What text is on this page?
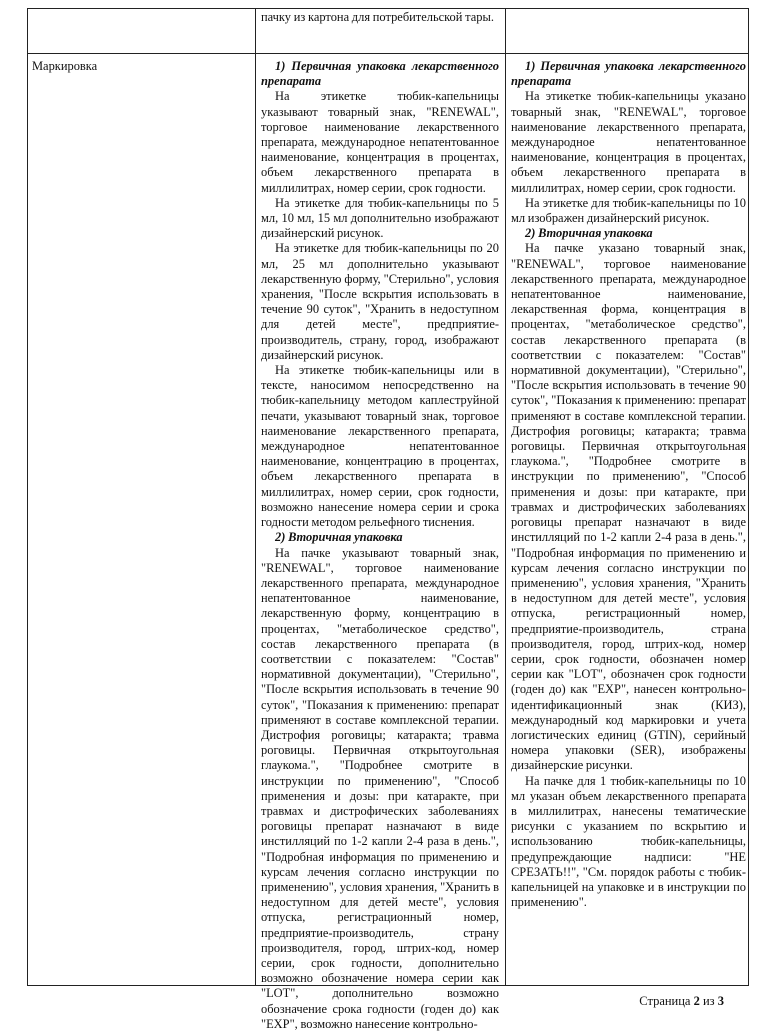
пачку из картона для потребительской тары.

Маркировка	1) Первичная упаковка лекарственного препарата

На этикетке тюбик-капельницы указывают товарный знак, "RENEWAL", торговое наименование лекарственного препарата, международное непатентованное наименование, концентрация в процентах, объем лекарственного препарата в миллилитрах, номер серии, срок годности.

На этикетке для тюбик-капельницы по 5 мл, 10 мл, 15 мл дополнительно изображают дизайнерский рисунок.

На этикетке для тюбик-капельницы по 20 мл, 25 мл дополнительно указывают лекарственную форму, "Стерильно", условия хранения, "После вскрытия использовать в течение 90 суток", "Хранить в недоступном для детей месте", предприятие-производитель, страну, город, изображают дизайнерский рисунок.

На этикетке тюбик-капельницы или в тексте, наносимом непосредственно на тюбик-капельницу методом каплеструйной печати, указывают товарный знак, торговое наименование лекарственного препарата, международное непатентованное наименование, концентрацию в процентах, объем лекарственного препарата в миллилитрах, номер серии, срок годности, возможно нанесение номера серии и срока годности методом рельефного тиснения.

2) Вторичная упаковка

На пачке указывают товарный знак, "RENEWAL", торговое наименование лекарственного препарата, международное непатентованное наименование, лекарственную форму, концентрацию в процентах, "метаболическое средство", состав лекарственного препарата (в соответствии с показателем: "Состав" нормативной документации), "Стерильно", "После вскрытия использовать в течение 90 суток", "Показания к применению: препарат применяют в составе комплексной терапии. Дистрофия роговицы; катаракта; травма роговицы. Первичная открытоугольная глаукома.", "Подробнее смотрите в инструкции по применению", "Способ применения и дозы: при катаракте, при травмах и дистрофических заболеваниях роговицы препарат назначают в виде инстилляций по 1-2 капли 2-4 раза в день.", "Подробная информация по применению и курсам лечения согласно инструкции по применению", условия хранения, "Хранить в недоступном для детей месте", условия отпуска, регистрационный номер, предприятие-производитель, страну производителя, город, штрих-код, номер серии, срок годности, дополнительно возможно обозначение номера серии как "LOT", дополнительно возможно обозначение срока годности (годен до) как "EXP", возможно нанесение контрольно-

1) Первичная упаковка лекарственного препарата

На этикетке тюбик-капельницы указано товарный знак, "RENEWAL", торговое наименование лекарственного препарата, международное непатентованное наименование, концентрация в процентах, объем лекарственного препарата в миллилитрах, номер серии, срок годности.

На этикетке для тюбик-капельницы по 10 мл изображен дизайнерский рисунок.

2) Вторичная упаковка

На пачке указано товарный знак, "RENEWAL", торговое наименование лекарственного препарата, международное непатентованное наименование, лекарственная форма, концентрация в процентах, "метаболическое средство", состав лекарственного препарата (в соответствии с показателем: "Состав" нормативной документации), "Стерильно", "После вскрытия использовать в течение 90 суток", "Показания к применению: препарат применяют в составе комплексной терапии. Дистрофия роговицы; катаракта; травма роговицы. Первичная открытоугольная глаукома.", "Подробнее смотрите в инструкции по применению", "Способ применения и дозы: при катаракте, при травмах и дистрофических заболеваниях роговицы препарат назначают в виде инстилляций по 1-2 капли 2-4 раза в день.", "Подробная информация по применению и курсам лечения согласно инструкции по применению", условия хранения, "Хранить в недоступном для детей месте", условия отпуска, регистрационный номер, предприятие-производитель, страна производителя, город, штрих-код, номер серии, срок годности, обозначен номер серии как "LOT", обозначен срок годности (годен до) как "EXP", нанесен контрольно-идентификационный знак (КИЗ), международный код маркировки и учета логистических единиц (GTIN), серийный номера упаковки (SER), изображены дизайнерские рисунки.

На пачке для 1 тюбик-капельницы по 10 мл указан объем лекарственного препарата в миллилитрах, нанесены тематические рисунки с указанием по вскрытию и использованию тюбик-капельницы, предупреждающие надписи: "НЕ СРЕЗАТЬ!!", "См. порядок работы с тюбик-капельницей на упаковке и в инструкции по применению".

Страница 2 из 3
